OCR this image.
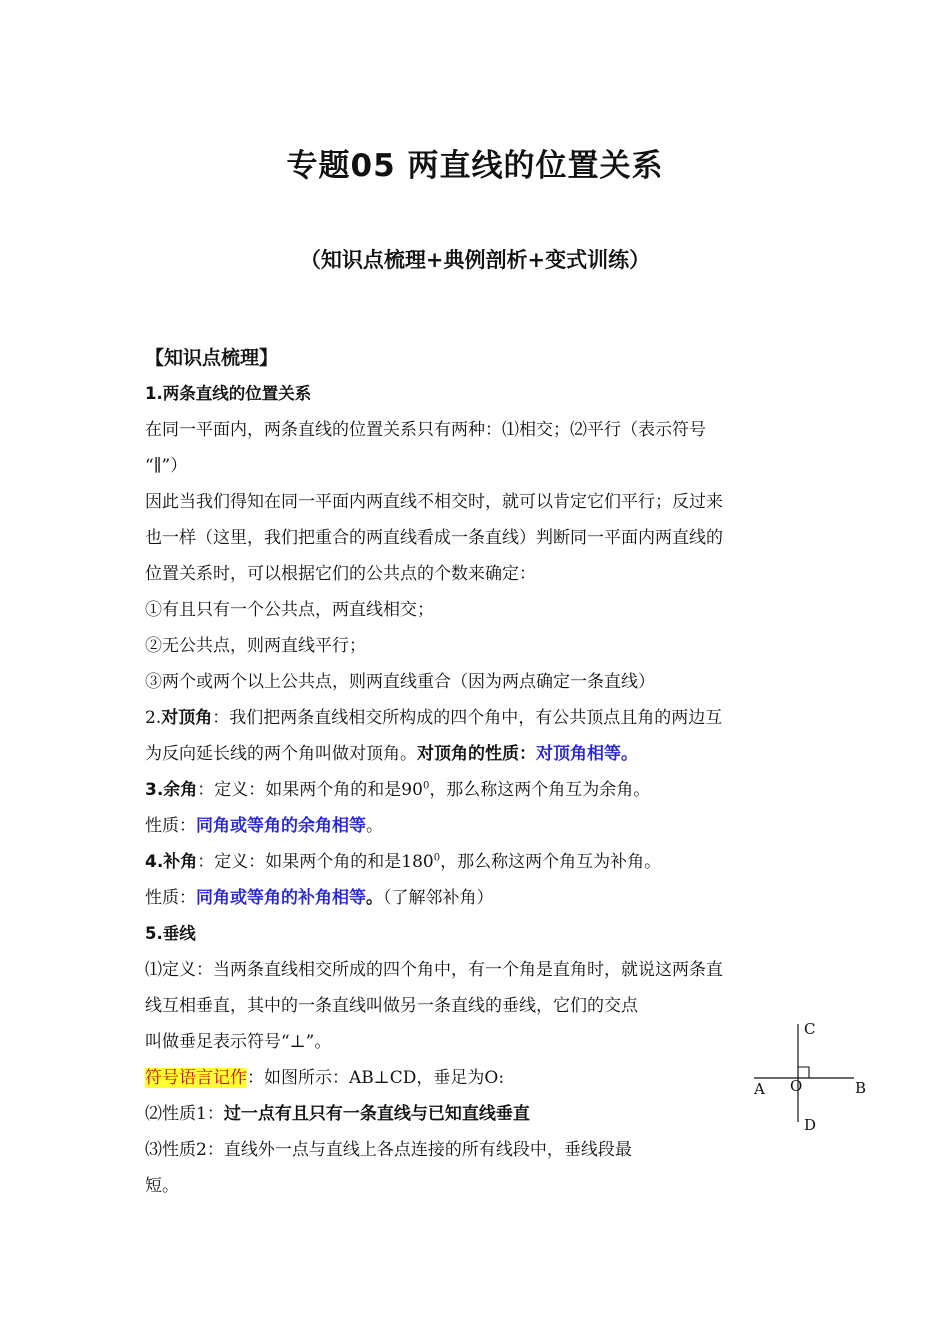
专题05 两直线的位置关系

（知识点梳理+典例剖析+变式训练）

【知识点梳理】

1.两条直线的位置关系

在同一平面内，两条直线的位置关系只有两种：⑴相交；⑵平行（表示符号

“∥”）

因此当我们得知在同一平面内两直线不相交时，就可以肯定它们平行；反过来

也一样（这里，我们把重合的两直线看成一条直线）判断同一平面内两直线的

位置关系时，可以根据它们的公共点的个数来确定：

①有且只有一个公共点，两直线相交；

②无公共点，则两直线平行；

③两个或两个以上公共点，则两直线重合（因为两点确定一条直线）

2.对顶角：我们把两条直线相交所构成的四个角中，有公共顶点且角的两边互

为反向延长线的两个角叫做对顶角。对顶角的性质：对顶角相等。

3.余角：定义：如果两个角的和是$90^0$，那么称这两个角互为余角。

性质：同角或等角的余角相等。

4.补角：定义：如果两个角的和是$180^0$，那么称这两个角互为补角。

性质：同角或等角的补角相等。（了解邻补角）

5.垂线

⑴定义：当两条直线相交所成的四个角中，有一个角是直角时，就说这两条直

线互相垂直，其中的一条直线叫做另一条直线的垂线，它们的交点

叫做垂足表示符号“⊥”。

符号语言记作：如图所示：AB⊥CD，垂足为O:

⑵性质1：过一点有且只有一条直线与已知直线垂直

⑶性质2：直线外一点与直线上各点连接的所有线段中，垂线段最

短。

C
A O	B
D
